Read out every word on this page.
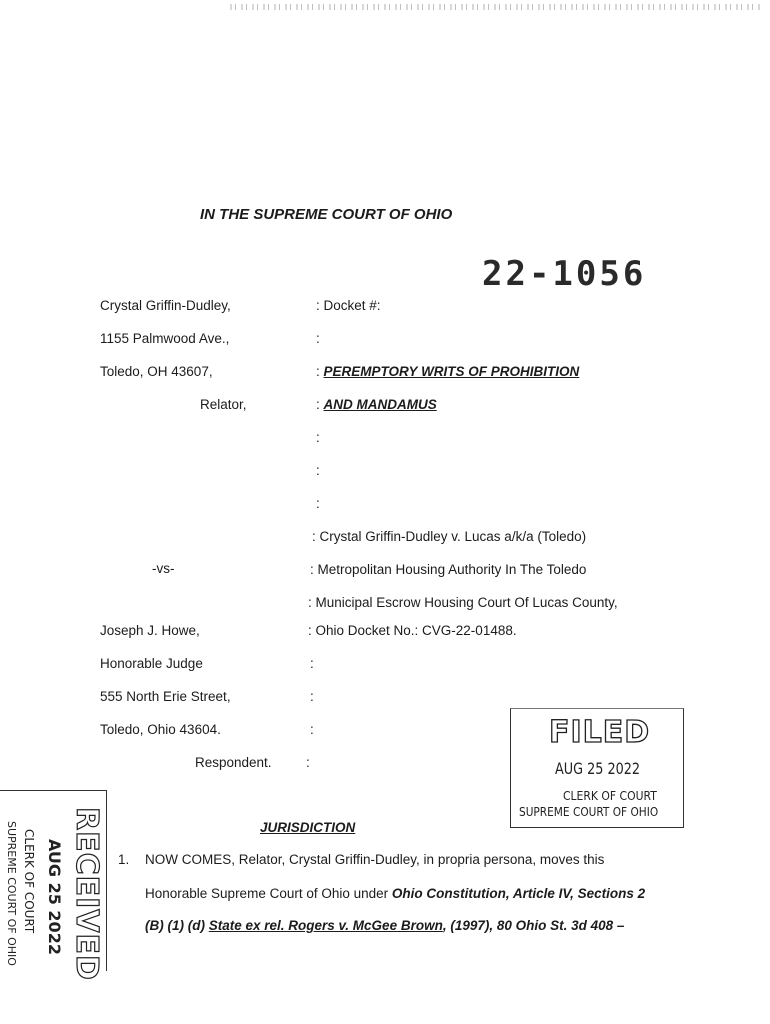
IN THE SUPREME COURT OF OHIO
22-1056
Crystal Griffin-Dudley,
1155 Palmwood Ave.,
Toledo, OH 43607,
Relator,
-vs-
Joseph J. Howe,
Honorable Judge
555 North Erie Street,
Toledo, Ohio 43604.
Respondent.
: Docket #:
:
: PEREMPTORY WRITS OF PROHIBITION
: AND MANDAMUS
:
:
:
: Crystal Griffin-Dudley v. Lucas a/k/a (Toledo)
: Metropolitan Housing Authority In The Toledo
: Municipal Escrow Housing Court Of Lucas County,
: Ohio Docket No.: CVG-22-01488.
:
:
:
:
FILED
AUG 25 2022
CLERK OF COURT
SUPREME COURT OF OHIO
RECEIVED
AUG 25 2022
CLERK OF COURT
SUPREME COURT OF OHIO	JURISDICTION
1. NOW COMES, Relator, Crystal Griffin-Dudley, in propria persona, moves this
Honorable Supreme Court of Ohio under Ohio Constitution, Article IV, Sections 2
(B) (1) (d) State ex rel. Rogers v. McGee Brown, (1997), 80 Ohio St. 3d 408 –
